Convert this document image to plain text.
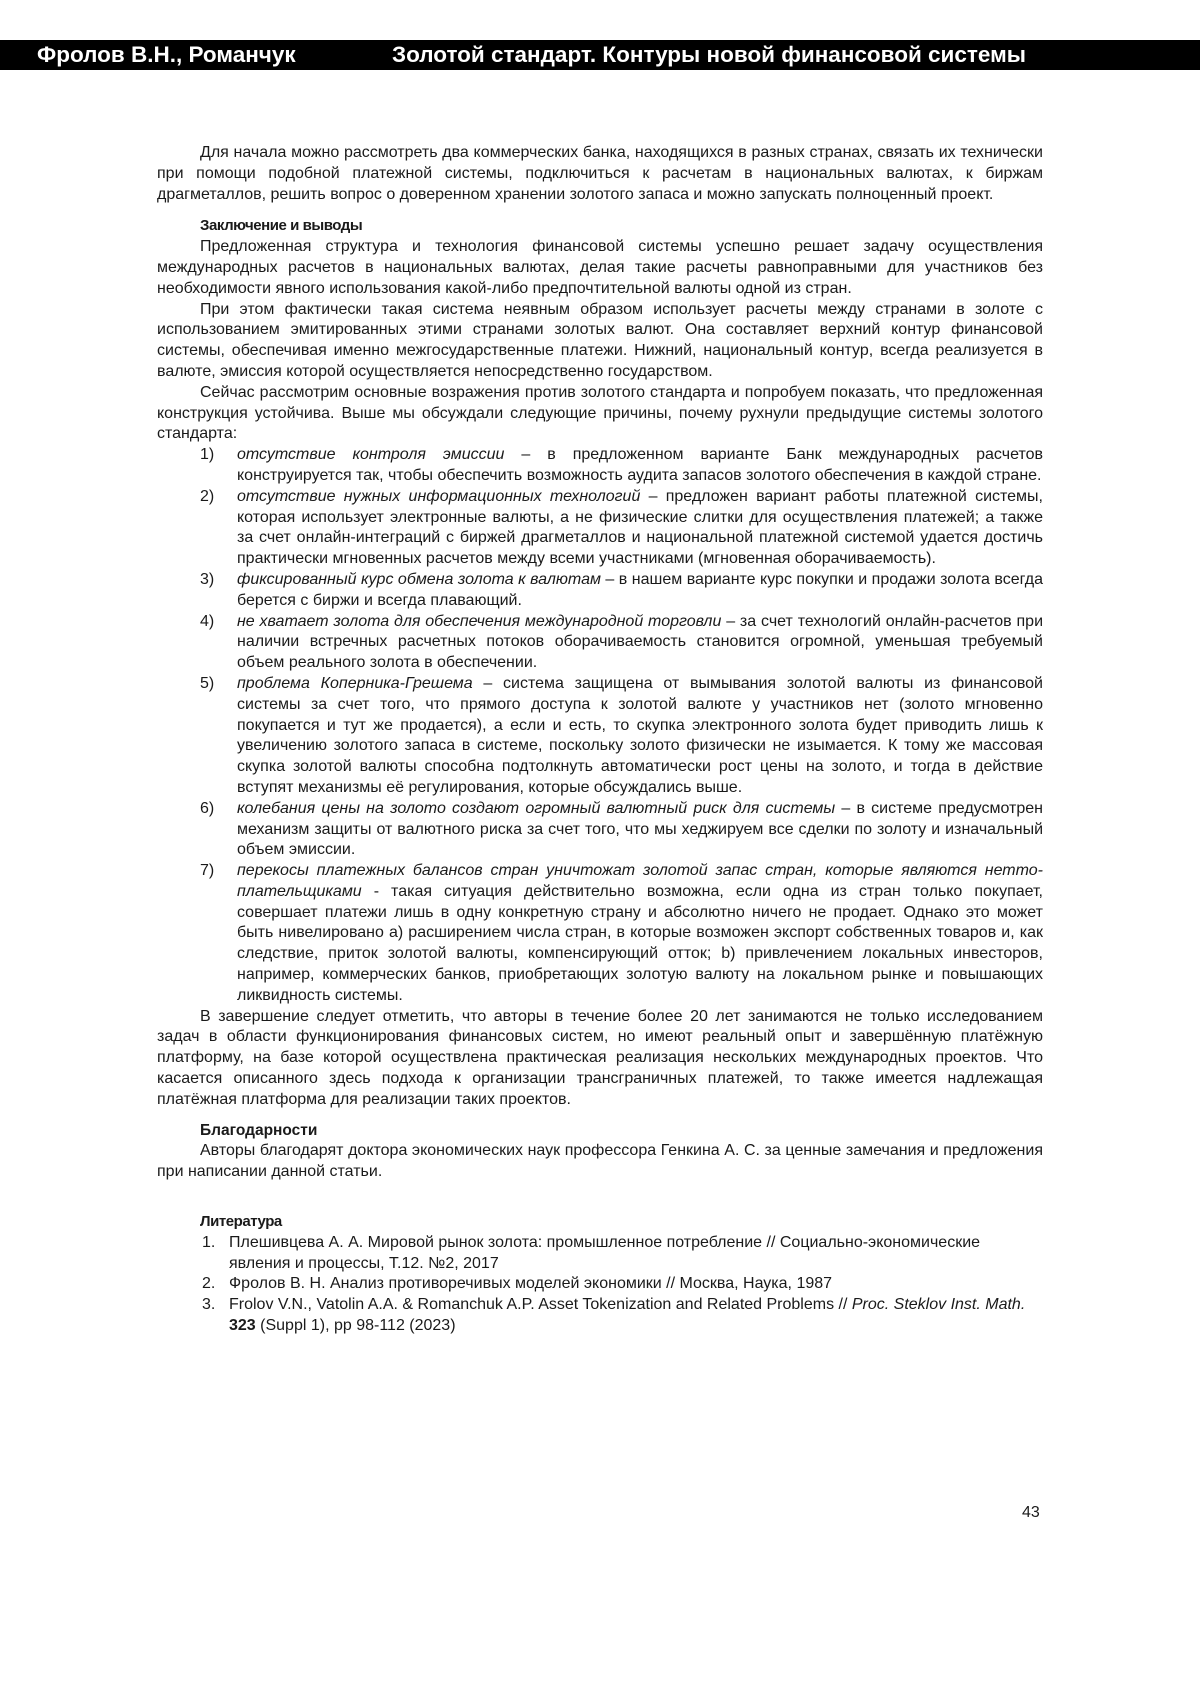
Фролов В.Н., Романчук	Золотой стандарт. Контуры новой финансовой системы

Для начала можно рассмотреть два коммерческих банка, находящихся в разных странах, связать их технически при помощи подобной платежной системы, подключиться к расчетам в национальных валютах, к биржам драгметаллов, решить вопрос о доверенном хранении золотого запаса и можно запускать полноценный проект.

Заключение и выводы

Предложенная структура и технология финансовой системы успешно решает задачу осуществления международных расчетов в национальных валютах, делая такие расчеты равноправными для участников без необходимости явного использования какой-либо предпочтительной валюты одной из стран.

При этом фактически такая система неявным образом использует расчеты между странами в золоте с использованием эмитированных этими странами золотых валют. Она составляет верхний контур финансовой системы, обеспечивая именно межгосударственные платежи. Нижний, национальный контур, всегда реализуется в валюте, эмиссия которой осуществляется непосредственно государством.

Сейчас рассмотрим основные возражения против золотого стандарта и попробуем показать, что предложенная конструкция устойчива. Выше мы обсуждали следующие причины, почему рухнули предыдущие системы золотого стандарта:

1) отсутствие контроля эмиссии – в предложенном варианте Банк международных расчетов конструируется так, чтобы обеспечить возможность аудита запасов золотого обеспечения в каждой стране.
2) отсутствие нужных информационных технологий – предложен вариант работы платежной системы, которая использует электронные валюты, а не физические слитки для осуществления платежей; а также за счет онлайн-интеграций с биржей драгметаллов и национальной платежной системой удается достичь практически мгновенных расчетов между всеми участниками (мгновенная оборачиваемость).
3) фиксированный курс обмена золота к валютам – в нашем варианте курс покупки и продажи золота всегда берется с биржи и всегда плавающий.
4) не хватает золота для обеспечения международной торговли – за счет технологий онлайн-расчетов при наличии встречных расчетных потоков оборачиваемость становится огромной, уменьшая требуемый объем реального золота в обеспечении.
5) проблема Коперника-Грешема – система защищена от вымывания золотой валюты из финансовой системы за счет того, что прямого доступа к золотой валюте у участников нет (золото мгновенно покупается и тут же продается), а если и есть, то скупка электронного золота будет приводить лишь к увеличению золотого запаса в системе, поскольку золото физически не изымается. К тому же массовая скупка золотой валюты способна подтолкнуть автоматически рост цены на золото, и тогда в действие вступят механизмы её регулирования, которые обсуждались выше.
6) колебания цены на золото создают огромный валютный риск для системы – в системе предусмотрен механизм защиты от валютного риска за счет того, что мы хеджируем все сделки по золоту и изначальный объем эмиссии.
7) перекосы платежных балансов стран уничтожат золотой запас стран, которые являются нетто-плательщиками - такая ситуация действительно возможна, если одна из стран только покупает, совершает платежи лишь в одну конкретную страну и абсолютно ничего не продает. Однако это может быть нивелировано a) расширением числа стран, в которые возможен экспорт собственных товаров и, как следствие, приток золотой валюты, компенсирующий отток; b) привлечением локальных инвесторов, например, коммерческих банков, приобретающих золотую валюту на локальном рынке и повышающих ликвидность системы.

В завершение следует отметить, что авторы в течение более 20 лет занимаются не только исследованием задач в области функционирования финансовых систем, но имеют реальный опыт и завершённую платёжную платформу, на базе которой осуществлена практическая реализация нескольких международных проектов. Что касается описанного здесь подхода к организации трансграничных платежей, то также имеется надлежащая платёжная платформа для реализации таких проектов.

Благодарности

Авторы благодарят доктора экономических наук профессора Генкина А. С. за ценные замечания и предложения при написании данной статьи.

Литература

1. Плешивцева А. А. Мировой рынок золота: промышленное потребление // Социально-экономические явления и процессы, Т.12. №2, 2017
2. Фролов В. Н. Анализ противоречивых моделей экономики // Москва, Наука, 1987
3. Frolov V.N., Vatolin A.A. & Romanchuk A.P. Asset Tokenization and Related Problems // Proc. Steklov Inst. Math. 323 (Suppl 1), pp 98-112 (2023)
43
